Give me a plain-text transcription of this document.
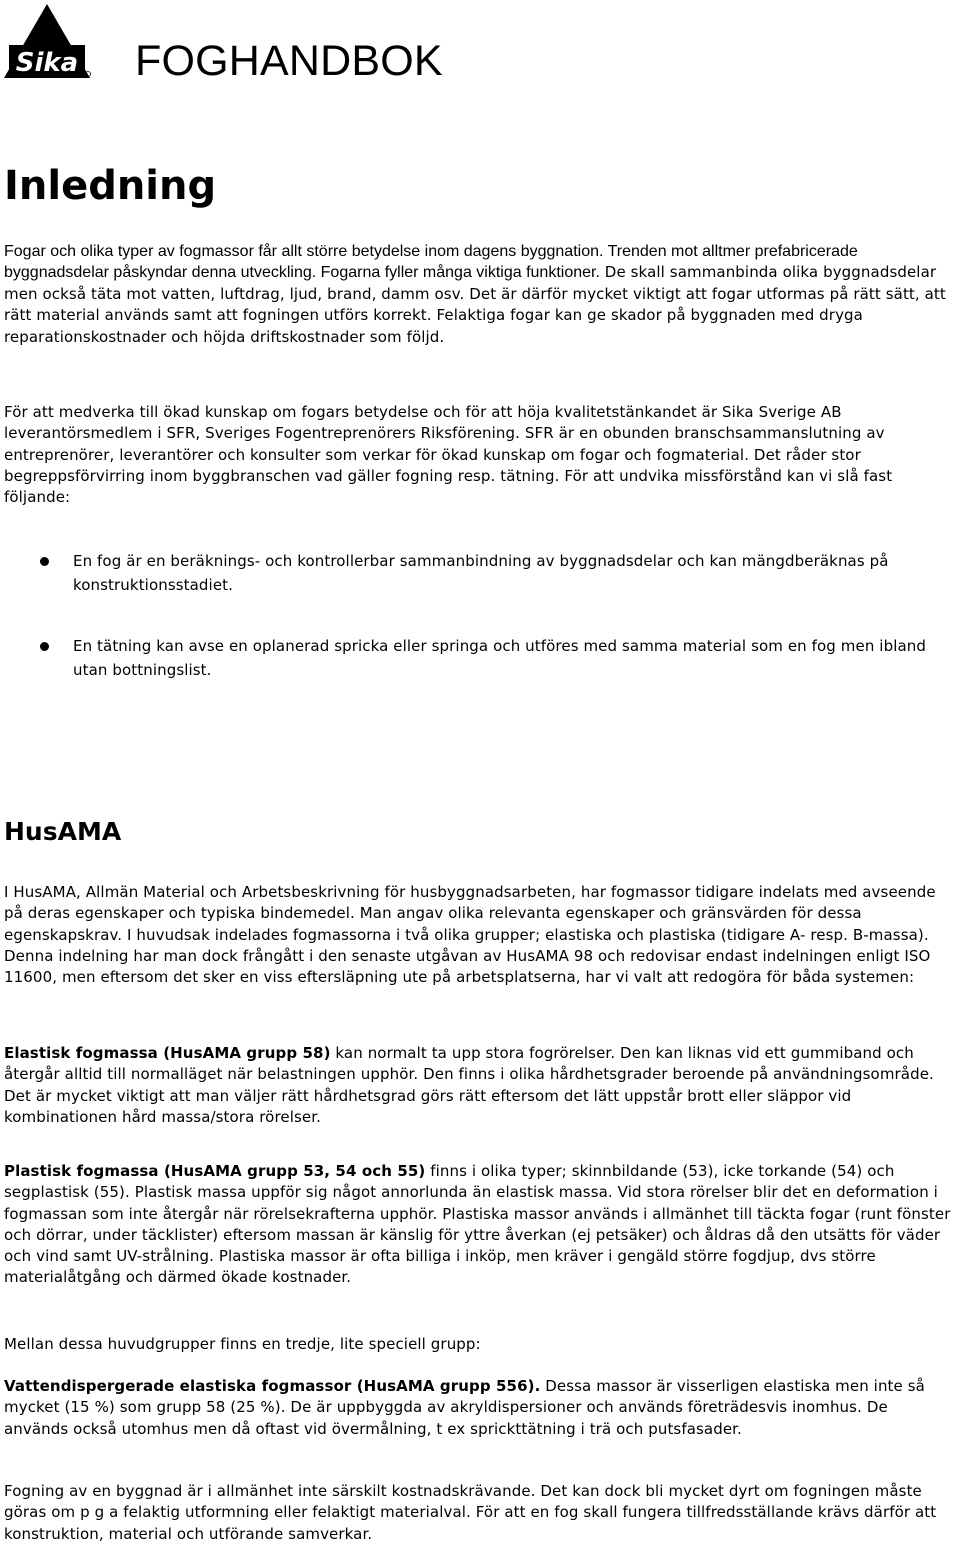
Sika FOGHANDBOK
Inledning

Fogar och olika typer av fogmassor får allt större betydelse inom dagens byggnation. Trenden mot alltmer prefabricerade byggnadsdelar påskyndar denna utveckling. Fogarna fyller många viktiga funktioner. De skall sammanbinda olika byggnadsdelar men också täta mot vatten, luftdrag, ljud, brand, damm osv. Det är därför mycket viktigt att fogar utformas på rätt sätt, att rätt material används samt att fogningen utförs korrekt. Felaktiga fogar kan ge skador på byggnaden med dryga reparationskostnader och höjda driftskostnader som följd.

För att medverka till ökad kunskap om fogars betydelse och för att höja kvalitetstänkandet är Sika Sverige AB leverantörsmedlem i SFR, Sveriges Fogentreprenörers Riksförening. SFR är en obunden branschsammanslutning av entreprenörer, leverantörer och konsulter som verkar för ökad kunskap om fogar och fogmaterial. Det råder stor begreppsförvirring inom byggbranschen vad gäller fogning resp. tätning. För att undvika missförstånd kan vi slå fast följande:

En fog är en beräknings- och kontrollerbar sammanbindning av byggnadsdelar och kan mängdberäknas på konstruktionsstadiet.

En tätning kan avse en oplanerad spricka eller springa och utföres med samma material som en fog men ibland utan bottningslist.

HusAMA

I HusAMA, Allmän Material och Arbetsbeskrivning för husbyggnadsarbeten, har fogmassor tidigare indelats med avseende på deras egenskaper och typiska bindemedel. Man angav olika relevanta egenskaper och gränsvärden för dessa egenskapskrav. I huvudsak indelades fogmassorna i två olika grupper; elastiska och plastiska (tidigare A- resp. B-massa). Denna indelning har man dock frångått i den senaste utgåvan av HusAMA 98 och redovisar endast indelningen enligt ISO 11600, men eftersom det sker en viss eftersläpning ute på arbetsplatserna, har vi valt att redogöra för båda systemen:

Elastisk fogmassa (HusAMA grupp 58) kan normalt ta upp stora fogrörelser. Den kan liknas vid ett gummiband och återgår alltid till normalläget när belastningen upphör. Den finns i olika hårdhetsgrader beroende på användningsområde. Det är mycket viktigt att man väljer rätt hårdhetsgrad görs rätt eftersom det lätt uppstår brott eller släppor vid kombinationen hård massa/stora rörelser.

Plastisk fogmassa (HusAMA grupp 53, 54 och 55) finns i olika typer; skinnbildande (53), icke torkande (54) och segplastisk (55). Plastisk massa uppför sig något annorlunda än elastisk massa. Vid stora rörelser blir det en deformation i fogmassan som inte återgår när rörelsekrafterna upphör. Plastiska massor används i allmänhet till täckta fogar (runt fönster och dörrar, under täcklister) eftersom massan är känslig för yttre åverkan (ej petsäker) och åldras då den utsätts för väder och vind samt UV-strålning. Plastiska massor är ofta billiga i inköp, men kräver i gengäld större fogdjup, dvs större materialåtgång och därmed ökade kostnader.

Mellan dessa huvudgrupper finns en tredje, lite speciell grupp:

Vattendispergerade elastiska fogmassor (HusAMA grupp 556). Dessa massor är visserligen elastiska men inte så mycket (15 %) som grupp 58 (25 %). De är uppbyggda av akryldispersioner och används företrädesvis inomhus. De används också utomhus men då oftast vid övermålning, t ex sprickttätning i trä och putsfasader.

Fogning av en byggnad är i allmänhet inte särskilt kostnadskrävande. Det kan dock bli mycket dyrt om fogningen måste göras om p g a felaktig utformning eller felaktigt materialval. För att en fog skall fungera tillfredsställande krävs därför att konstruktion, material och utförande samverkar.
